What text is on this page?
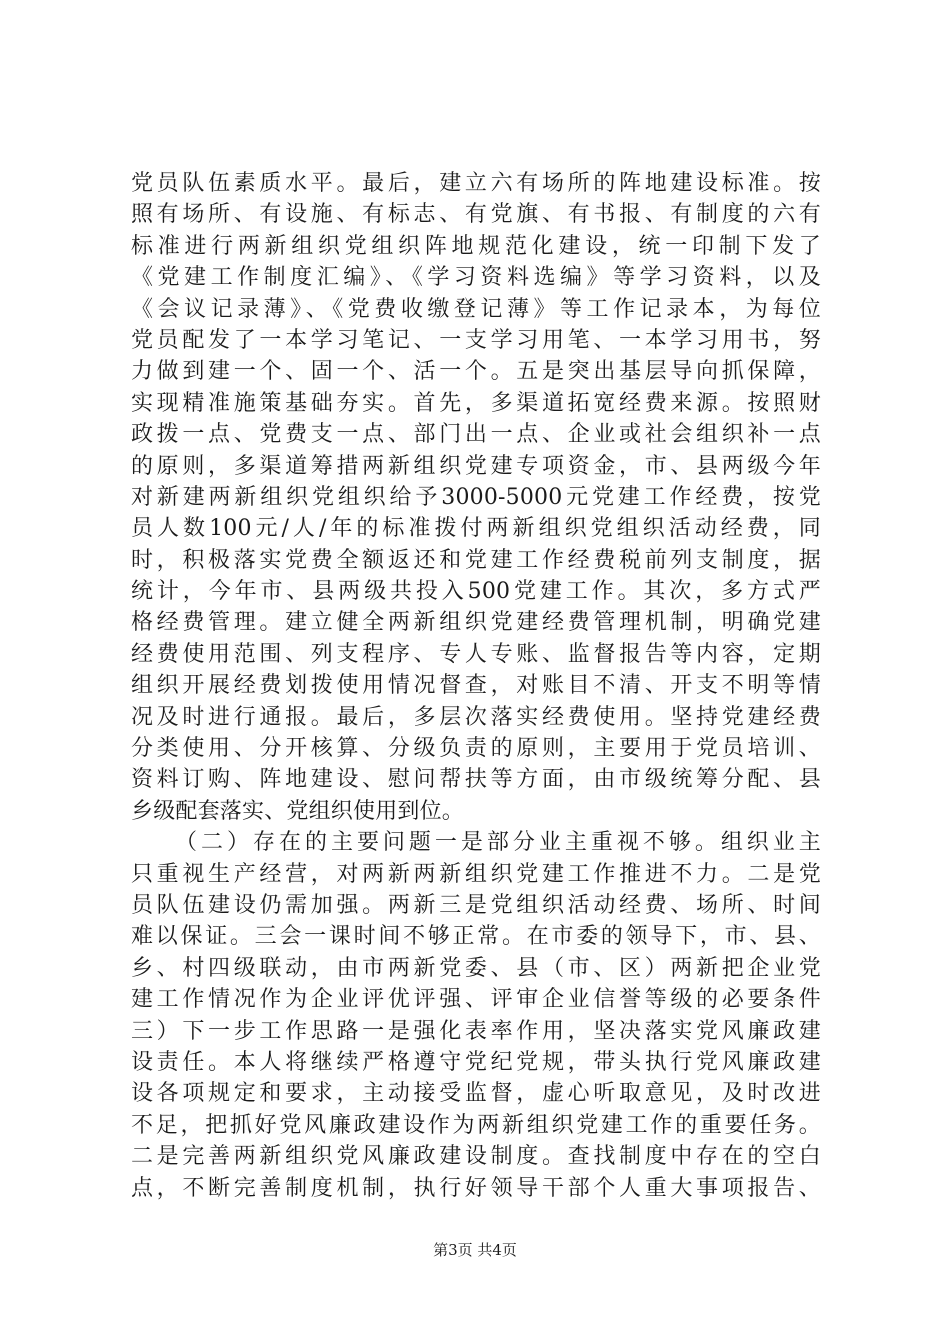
党员队伍素质水平。最后，建立六有场所的阵地建设标准。按
照有场所、有设施、有标志、有党旗、有书报、有制度的六有
标准进行两新组织党组织阵地规范化建设，统一印制下发了
《党建工作制度汇编》、《学习资料选编》等学习资料，以及
《会议记录薄》、《党费收缴登记薄》等工作记录本，为每位
党员配发了一本学习笔记、一支学习用笔、一本学习用书，努
力做到建一个、固一个、活一个。五是突出基层导向抓保障，
实现精准施策基础夯实。首先，多渠道拓宽经费来源。按照财
政拨一点、党费支一点、部门出一点、企业或社会组织补一点
的原则，多渠道筹措两新组织党建专项资金，市、县两级今年
对新建两新组织党组织给予3000-5000元党建工作经费，按党
员人数100元/人/年的标准拨付两新组织党组织活动经费，同
时，积极落实党费全额返还和党建工作经费税前列支制度，据
统计，今年市、县两级共投入500党建工作。其次，多方式严
格经费管理。建立健全两新组织党建经费管理机制，明确党建
经费使用范围、列支程序、专人专账、监督报告等内容，定期
组织开展经费划拨使用情况督查，对账目不清、开支不明等情
况及时进行通报。最后，多层次落实经费使用。坚持党建经费
分类使用、分开核算、分级负责的原则，主要用于党员培训、
资料订购、阵地建设、慰问帮扶等方面，由市级统筹分配、县
乡级配套落实、党组织使用到位。
（二）存在的主要问题一是部分业主重视不够。组织业主
只重视生产经营，对两新两新组织党建工作推进不力。二是党
员队伍建设仍需加强。两新三是党组织活动经费、场所、时间
难以保证。三会一课时间不够正常。在市委的领导下，市、县、
乡、村四级联动，由市两新党委、县（市、区）两新把企业党
建工作情况作为企业评优评强、评审企业信誉等级的必要条件
三）下一步工作思路一是强化表率作用，坚决落实党风廉政建
设责任。本人将继续严格遵守党纪党规，带头执行党风廉政建
设各项规定和要求，主动接受监督，虚心听取意见，及时改进
不足，把抓好党风廉政建设作为两新组织党建工作的重要任务。
二是完善两新组织党风廉政建设制度。查找制度中存在的空白
点，不断完善制度机制，执行好领导干部个人重大事项报告、
第3页 共4页
